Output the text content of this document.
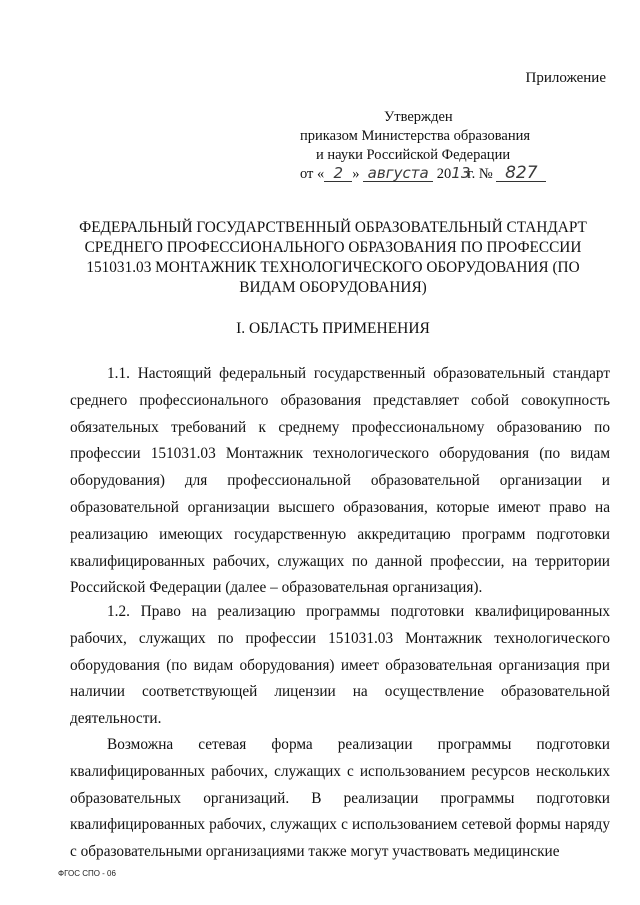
Приложение
Утвержден
приказом Министерства образования
и науки Российской Федерации
от « 2 » августа 2013г. № 827
ФЕДЕРАЛЬНЫЙ ГОСУДАРСТВЕННЫЙ ОБРАЗОВАТЕЛЬНЫЙ СТАНДАРТ СРЕДНЕГО ПРОФЕССИОНАЛЬНОГО ОБРАЗОВАНИЯ ПО ПРОФЕССИИ 151031.03 МОНТАЖНИК ТЕХНОЛОГИЧЕСКОГО ОБОРУДОВАНИЯ (ПО ВИДАМ ОБОРУДОВАНИЯ)
I. ОБЛАСТЬ ПРИМЕНЕНИЯ
1.1. Настоящий федеральный государственный образовательный стандарт среднего профессионального образования представляет собой совокупность обязательных требований к среднему профессиональному образованию по профессии 151031.03 Монтажник технологического оборудования (по видам оборудования) для профессиональной образовательной организации и образовательной организации высшего образования, которые имеют право на реализацию имеющих государственную аккредитацию программ подготовки квалифицированных рабочих, служащих по данной профессии, на территории Российской Федерации (далее – образовательная организация).
1.2. Право на реализацию программы подготовки квалифицированных рабочих, служащих по профессии 151031.03 Монтажник технологического оборудования (по видам оборудования) имеет образовательная организация при наличии соответствующей лицензии на осуществление образовательной деятельности.
Возможна сетевая форма реализации программы подготовки квалифицированных рабочих, служащих с использованием ресурсов нескольких образовательных организаций. В реализации программы подготовки квалифицированных рабочих, служащих с использованием сетевой формы наряду с образовательными организациями также могут участвовать медицинские
ФГОС СПО - 06
